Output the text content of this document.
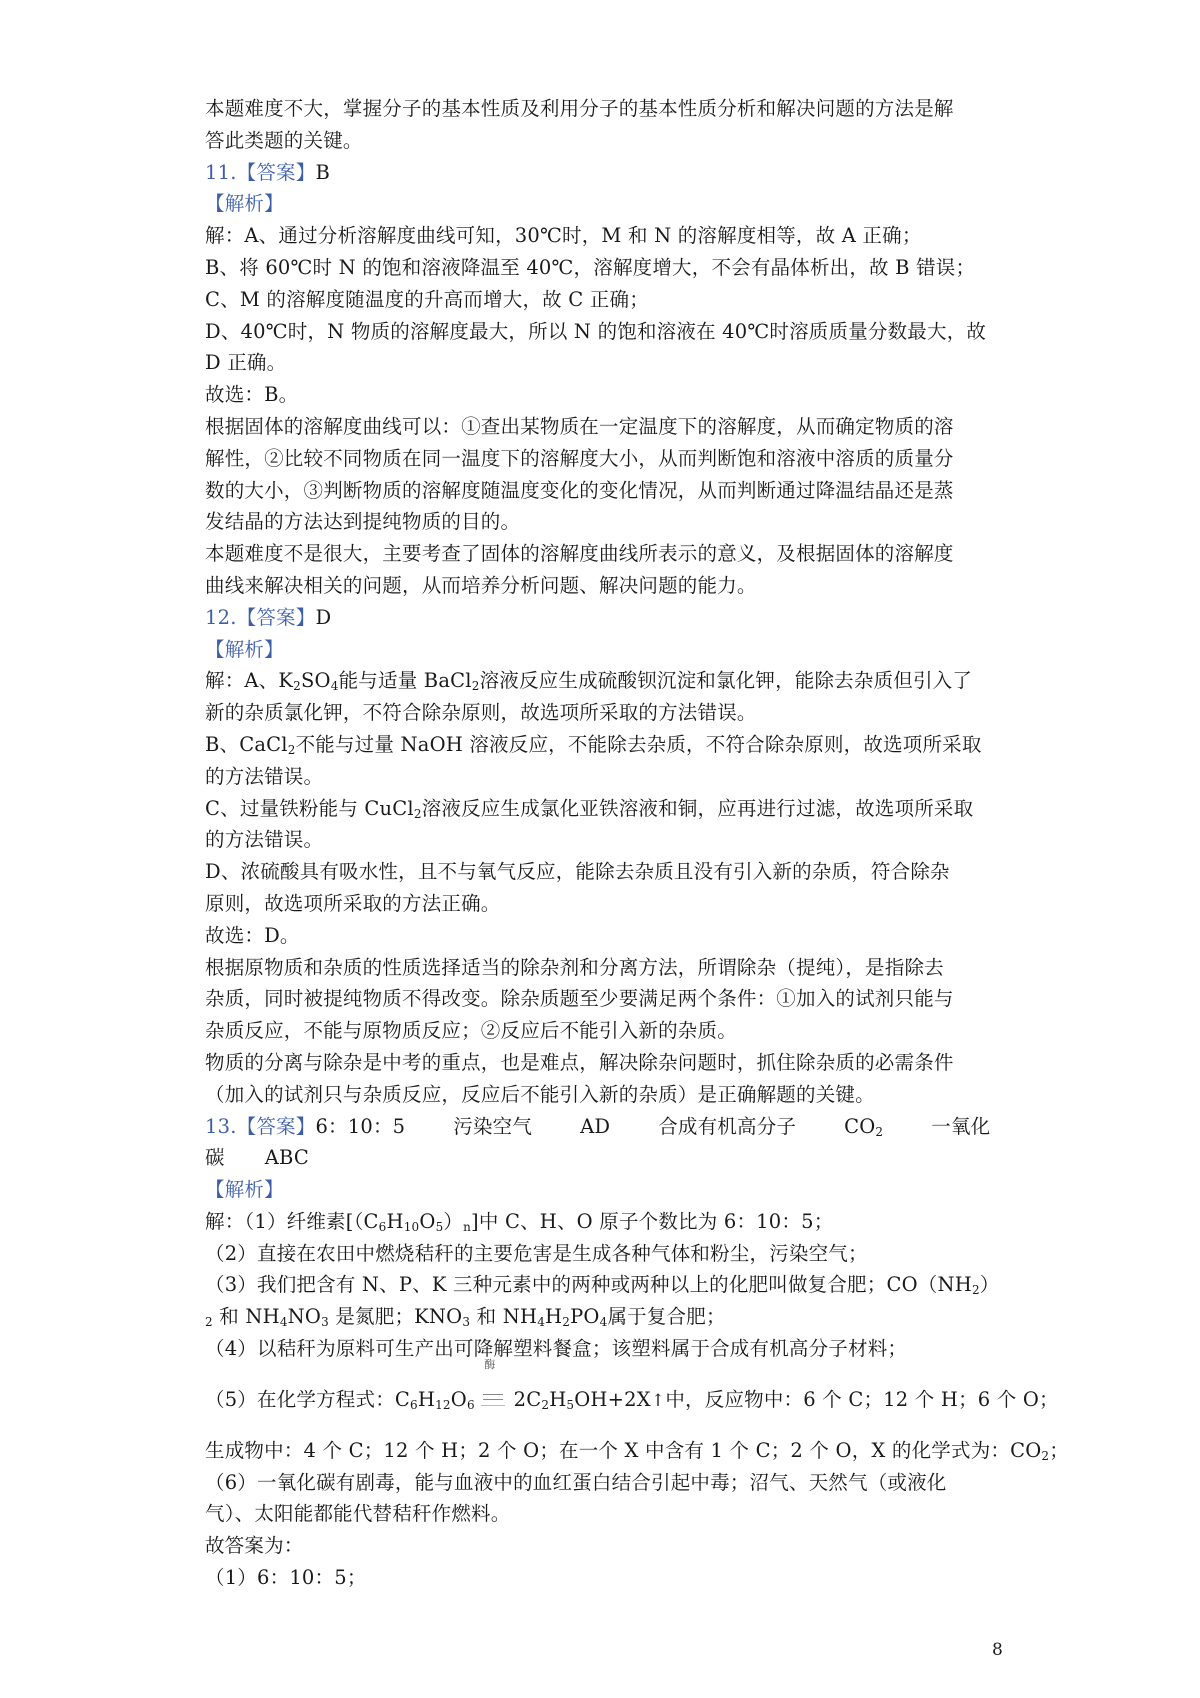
本题难度不大，掌握分子的基本性质及利用分子的基本性质分析和解决问题的方法是解
答此类题的关键。
11.【答案】B
【解析】
解：A、通过分析溶解度曲线可知，30℃时，M 和 N 的溶解度相等，故 A 正确；
B、将 60℃时 N 的饱和溶液降温至 40℃，溶解度增大，不会有晶体析出，故 B 错误；
C、M 的溶解度随温度的升高而增大，故 C 正确；
D、40℃时，N 物质的溶解度最大，所以 N 的饱和溶液在 40℃时溶质质量分数最大，故
D 正确。
故选：B。
根据固体的溶解度曲线可以：①查出某物质在一定温度下的溶解度，从而确定物质的溶
解性，②比较不同物质在同一温度下的溶解度大小，从而判断饱和溶液中溶质的质量分
数的大小，③判断物质的溶解度随温度变化的变化情况，从而判断通过降温结晶还是蒸
发结晶的方法达到提纯物质的目的。
本题难度不是很大，主要考查了固体的溶解度曲线所表示的意义，及根据固体的溶解度
曲线来解决相关的问题，从而培养分析问题、解决问题的能力。
12.【答案】D
【解析】
解：A、$K_2SO_4$能与适量 BaCl$_2$溶液反应生成硫酸钡沉淀和氯化钾，能除去杂质但引入了
新的杂质氯化钾，不符合除杂原则，故选项所采取的方法错误。
B、CaCl$_2$不能与过量 NaOH 溶液反应，不能除去杂质，不符合除杂原则，故选项所采取
的方法错误。
C、过量铁粉能与 CuCl$_2$溶液反应生成氯化亚铁溶液和铜，应再进行过滤，故选项所采取
的方法错误。
D、浓硫酸具有吸水性，且不与氧气反应，能除去杂质且没有引入新的杂质，符合除杂
原则，故选项所采取的方法正确。
故选：D。
根据原物质和杂质的性质选择适当的除杂剂和分离方法，所谓除杂（提纯），是指除去
杂质，同时被提纯物质不得改变。除杂质题至少要满足两个条件：①加入的试剂只能与
杂质反应，不能与原物质反应；②反应后不能引入新的杂质。
物质的分离与除杂是中考的重点，也是难点，解决除杂问题时，抓住除杂质的必需条件
（加入的试剂只与杂质反应，反应后不能引入新的杂质）是正确解题的关键。
13.【答案】6：10：5 污染空气 AD 合成有机高分子 $CO_2$ 一氧化
碳 ABC
【解析】
解：（1）纤维素$[(C_6H_{10}O_5)_n]$中 C、H、O 原子个数比为 6：10：5；
（2）直接在农田中燃烧秸秆的主要危害是生成各种气体和粉尘，污染空气；
（3）我们把含有 N、P、K 三种元素中的两种或两种以上的化肥叫做复合肥；$CO(NH_2)$
$_2$ 和 $NH_4NO_3$ 是氮肥；$KNO_3$ 和 $NH_4H_2PO_4$属于复合肥；
（4）以秸秆为原料可生产出可降解塑料餐盒；该塑料属于合成有机高分子材料；
（5）在化学方程式：$C_6H_{12}O_6$
酶
$2C_2H_5OH+2X↑$中，反应物中：6 个 C；12 个 H；6 个 O；
生成物中：4 个 C；12 个 H；2 个 O；在一个 X 中含有 1 个 C；2 个 O，X 的化学式为：$CO_2$；
（6）一氧化碳有剧毒，能与血液中的血红蛋白结合引起中毒；沼气、天然气（或液化
气）、太阳能都能代替秸秆作燃料。
故答案为：
（1）6：10：5；
8
